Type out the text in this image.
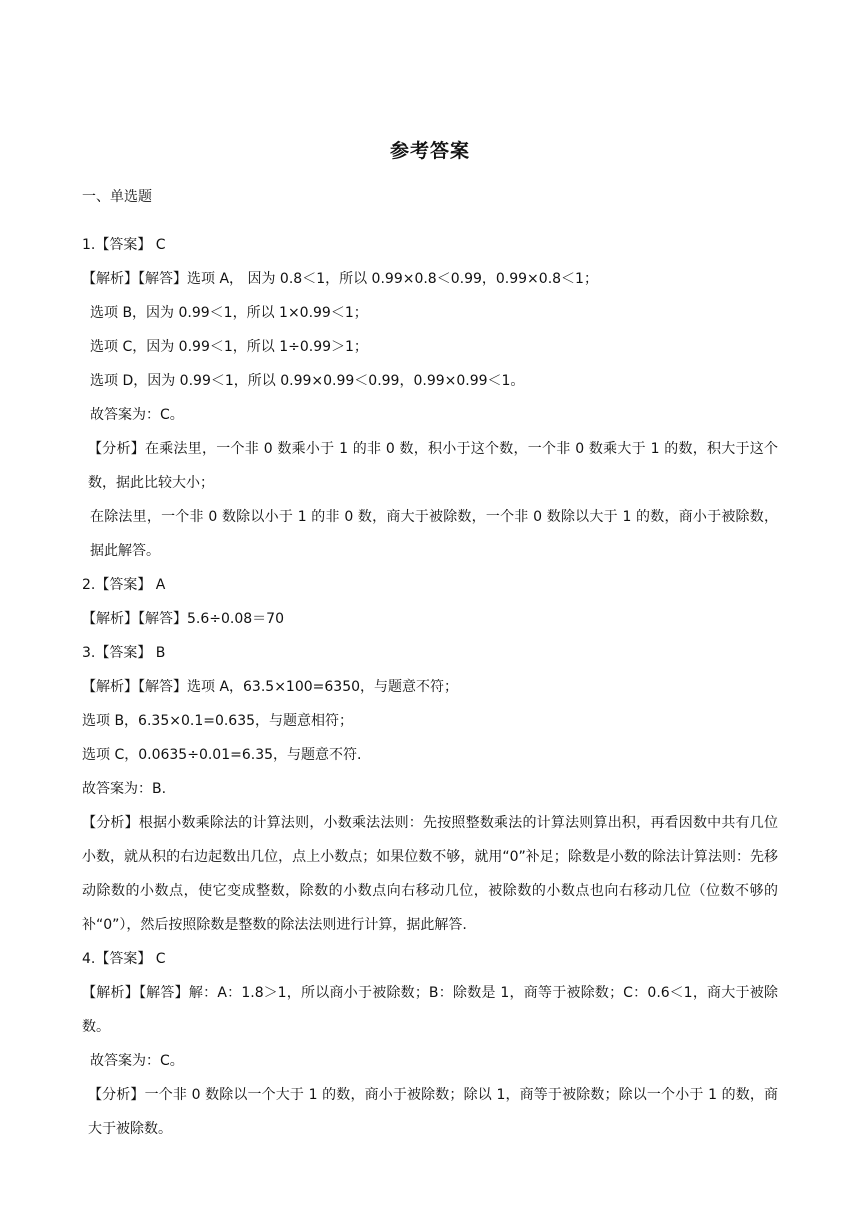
参考答案
一、单选题

1.【答案】 C

【解析】【解答】选项 A， 因为 0.8＜1，所以 0.99×0.8＜0.99，0.99×0.8＜1；

选项 B，因为 0.99＜1，所以 1×0.99＜1；

选项 C，因为 0.99＜1，所以 1÷0.99＞1；

选项 D，因为 0.99＜1，所以 0.99×0.99＜0.99，0.99×0.99＜1。

故答案为：C。

【分析】在乘法里，一个非 0 数乘小于 1 的非 0 数，积小于这个数，一个非 0 数乘大于 1 的数，积大于这个数，据此比较大小；

在除法里，一个非 0 数除以小于 1 的非 0 数，商大于被除数，一个非 0 数除以大于 1 的数，商小于被除数，据此解答。

2.【答案】 A

【解析】【解答】5.6÷0.08＝70

3.【答案】 B

【解析】【解答】选项 A，63.5×100=6350，与题意不符；

选项 B，6.35×0.1=0.635，与题意相符；

选项 C，0.0635÷0.01=6.35，与题意不符.

故答案为：B.

【分析】根据小数乘除法的计算法则，小数乘法法则：先按照整数乘法的计算法则算出积，再看因数中共有几位小数，就从积的右边起数出几位，点上小数点；如果位数不够，就用“0”补足；除数是小数的除法计算法则：先移动除数的小数点，使它变成整数，除数的小数点向右移动几位，被除数的小数点也向右移动几位（位数不够的补“0”），然后按照除数是整数的除法法则进行计算，据此解答.

4.【答案】 C

【解析】【解答】解：A：1.8＞1，所以商小于被除数；B：除数是 1，商等于被除数；C：0.6＜1，商大于被除数。

故答案为：C。

【分析】一个非 0 数除以一个大于 1 的数，商小于被除数；除以 1，商等于被除数；除以一个小于 1 的数，商大于被除数。
